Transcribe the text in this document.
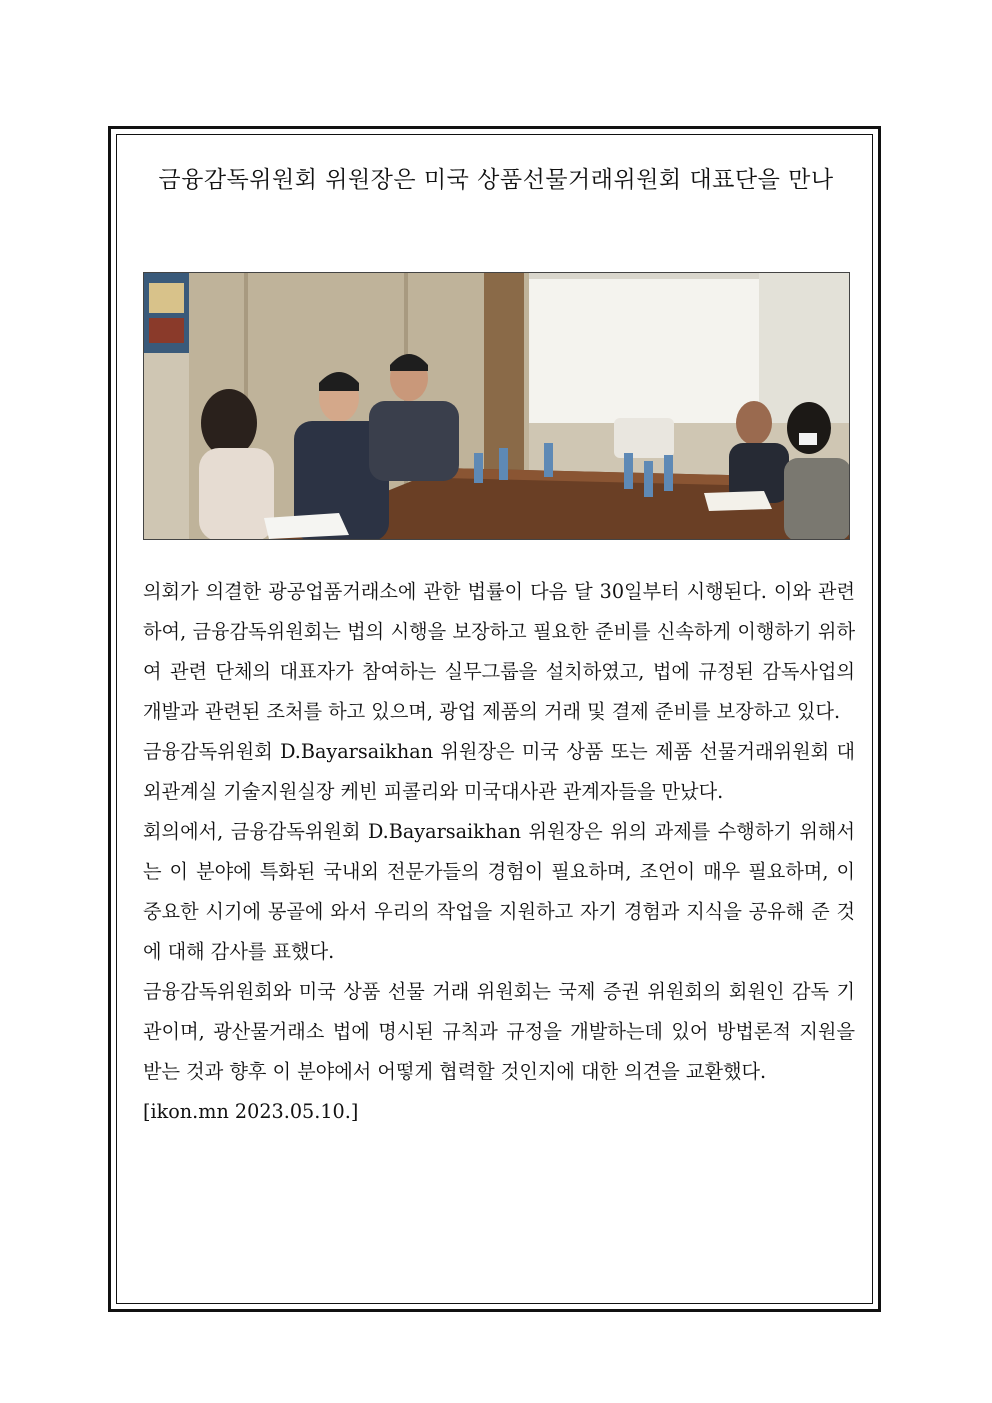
금융감독위원회 위원장은 미국 상품선물거래위원회 대표단을 만나

의회가 의결한 광공업품거래소에 관한 법률이 다음 달 30일부터 시행된다. 이와 관련하여, 금융감독위원회는 법의 시행을 보장하고 필요한 준비를 신속하게 이행하기 위하여 관련 단체의 대표자가 참여하는 실무그룹을 설치하였고, 법에 규정된 감독사업의 개발과 관련된 조처를 하고 있으며, 광업 제품의 거래 및 결제 준비를 보장하고 있다.

금융감독위원회 D.Bayarsaikhan 위원장은 미국 상품 또는 제품 선물거래위원회 대외관계실 기술지원실장 케빈 피콜리와 미국대사관 관계자들을 만났다.

회의에서, 금융감독위원회 D.Bayarsaikhan 위원장은 위의 과제를 수행하기 위해서는 이 분야에 특화된 국내외 전문가들의 경험이 필요하며, 조언이 매우 필요하며, 이 중요한 시기에 몽골에 와서 우리의 작업을 지원하고 자기 경험과 지식을 공유해 준 것에 대해 감사를 표했다.

금융감독위원회와 미국 상품 선물 거래 위원회는 국제 증권 위원회의 회원인 감독 기관이며, 광산물거래소 법에 명시된 규칙과 규정을 개발하는데 있어 방법론적 지원을 받는 것과 향후 이 분야에서 어떻게 협력할 것인지에 대한 의견을 교환했다.

[ikon.mn 2023.05.10.]
